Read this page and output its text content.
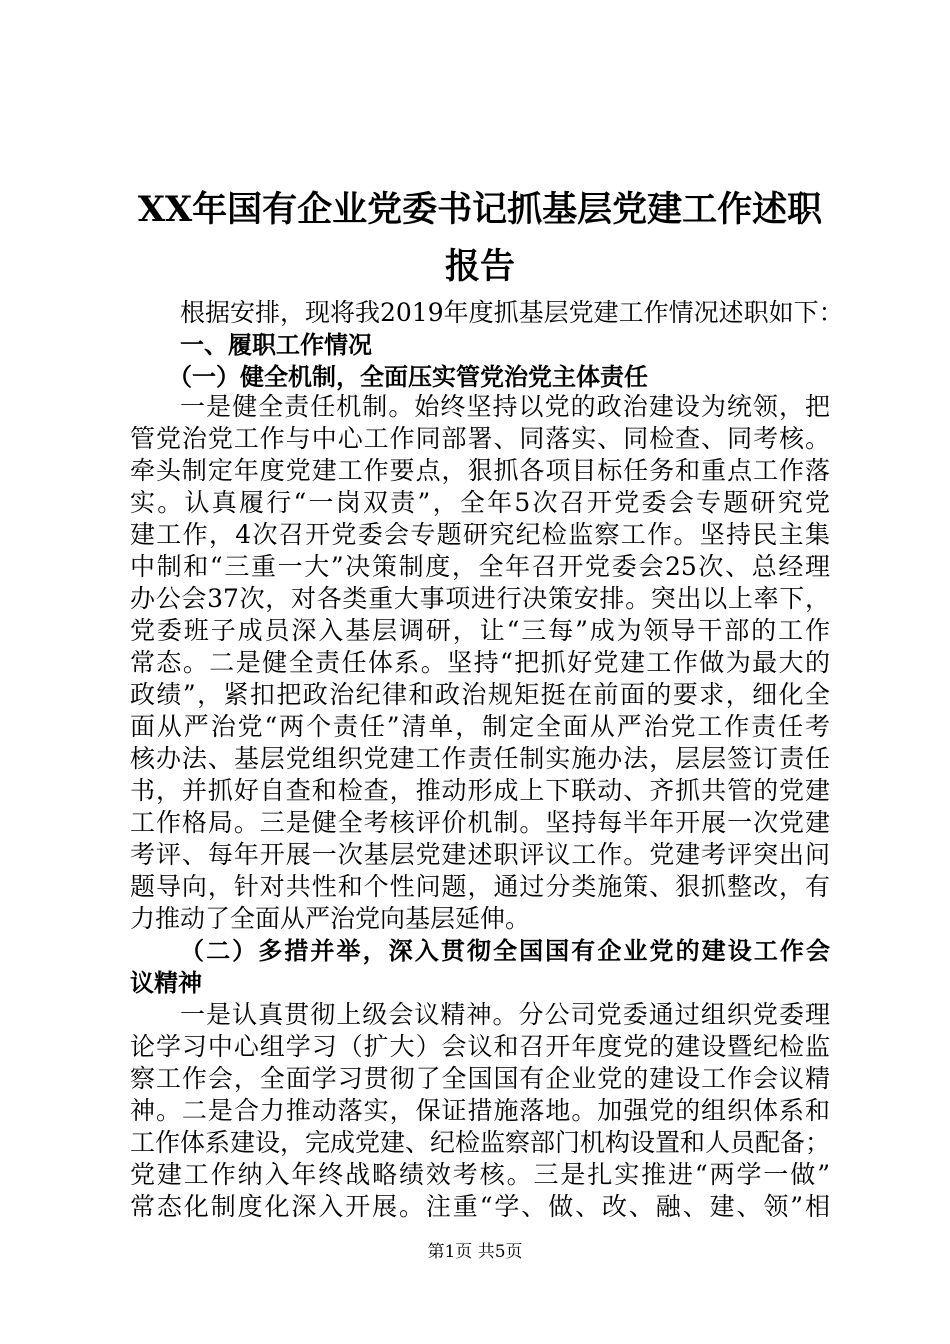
XX年国有企业党委书记抓基层党建工作述职
报告
根据安排，现将我2019年度抓基层党建工作情况述职如下：
一、履职工作情况
（一）健全机制，全面压实管党治党主体责任
一是健全责任机制。始终坚持以党的政治建设为统领，把
管党治党工作与中心工作同部署、同落实、同检查、同考核。
牵头制定年度党建工作要点，狠抓各项目标任务和重点工作落
实。认真履行“一岗双责”，全年5次召开党委会专题研究党
建工作，4次召开党委会专题研究纪检监察工作。坚持民主集
中制和“三重一大”决策制度，全年召开党委会25次、总经理
办公会37次，对各类重大事项进行决策安排。突出以上率下，
党委班子成员深入基层调研，让“三每”成为领导干部的工作
常态。二是健全责任体系。坚持“把抓好党建工作做为最大的
政绩”，紧扣把政治纪律和政治规矩挺在前面的要求，细化全
面从严治党“两个责任”清单，制定全面从严治党工作责任考
核办法、基层党组织党建工作责任制实施办法，层层签订责任
书，并抓好自查和检查，推动形成上下联动、齐抓共管的党建
工作格局。三是健全考核评价机制。坚持每半年开展一次党建
考评、每年开展一次基层党建述职评议工作。党建考评突出问
题导向，针对共性和个性问题，通过分类施策、狠抓整改，有
力推动了全面从严治党向基层延伸。
（二）多措并举，深入贯彻全国国有企业党的建设工作会
议精神
一是认真贯彻上级会议精神。分公司党委通过组织党委理
论学习中心组学习（扩大）会议和召开年度党的建设暨纪检监
察工作会，全面学习贯彻了全国国有企业党的建设工作会议精
神。二是合力推动落实，保证措施落地。加强党的组织体系和
工作体系建设，完成党建、纪检监察部门机构设置和人员配备；
党建工作纳入年终战略绩效考核。三是扎实推进“两学一做”
常态化制度化深入开展。注重“学、做、改、融、建、领”相
第1页 共5页
